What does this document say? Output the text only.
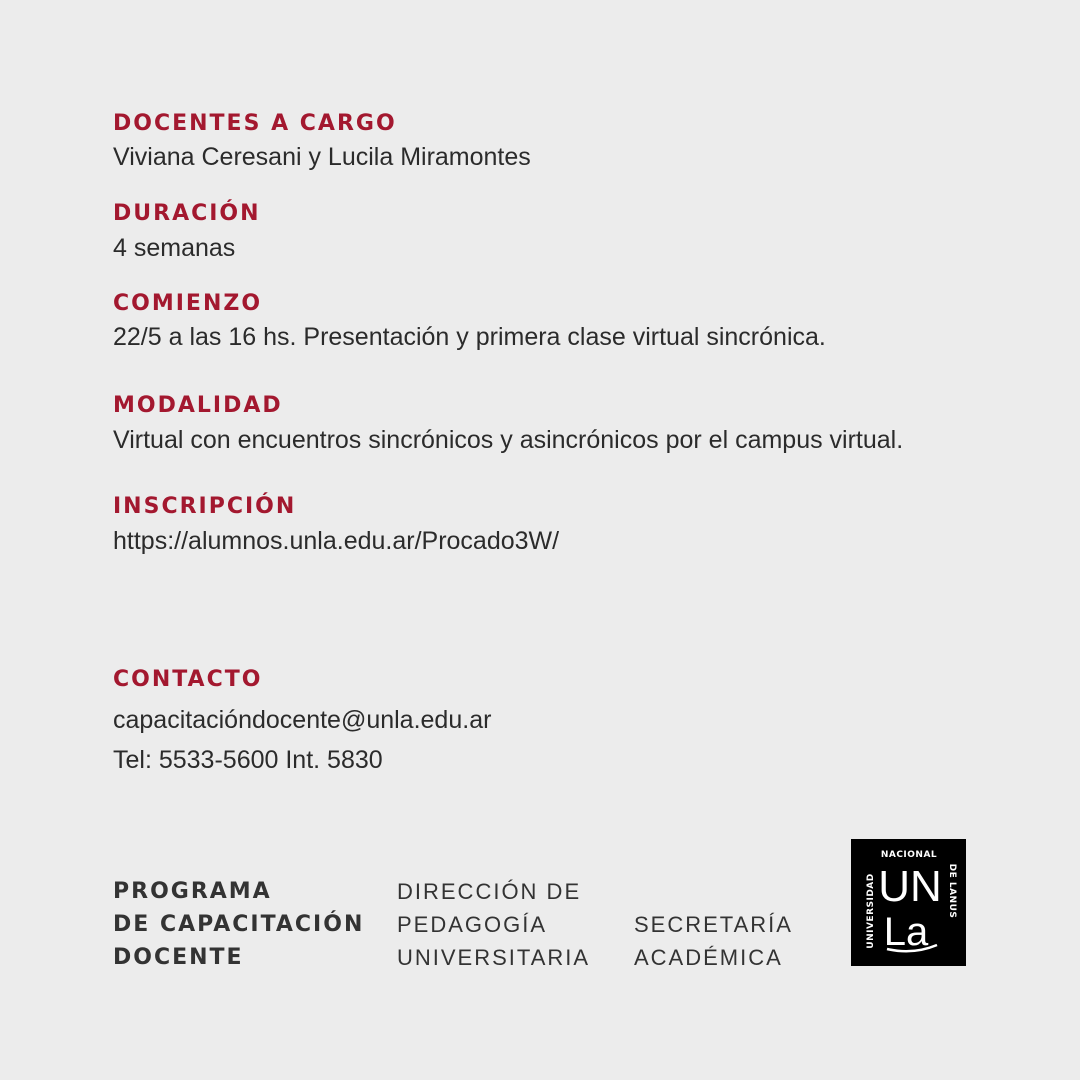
DOCENTES A CARGO
Viviana Ceresani y Lucila Miramontes
DURACIÓN
4 semanas
COMIENZO
22/5 a las 16 hs. Presentación y primera clase virtual sincrónica.
MODALIDAD
Virtual con encuentros sincrónicos y asincrónicos por el campus virtual.
INSCRIPCIÓN
https://alumnos.unla.edu.ar/Procado3W/
CONTACTO
capacitacióndocente@unla.edu.ar
Tel: 5533-5600 Int. 5830
PROGRAMA
DE CAPACITACIÓN
DOCENTE
DIRECCIÓN DE
PEDAGOGÍA
UNIVERSITARIA
SECRETARÍA
ACADÉMICA
UNIVERSIDAD
NACIONAL
DE LANUS
UN
La
